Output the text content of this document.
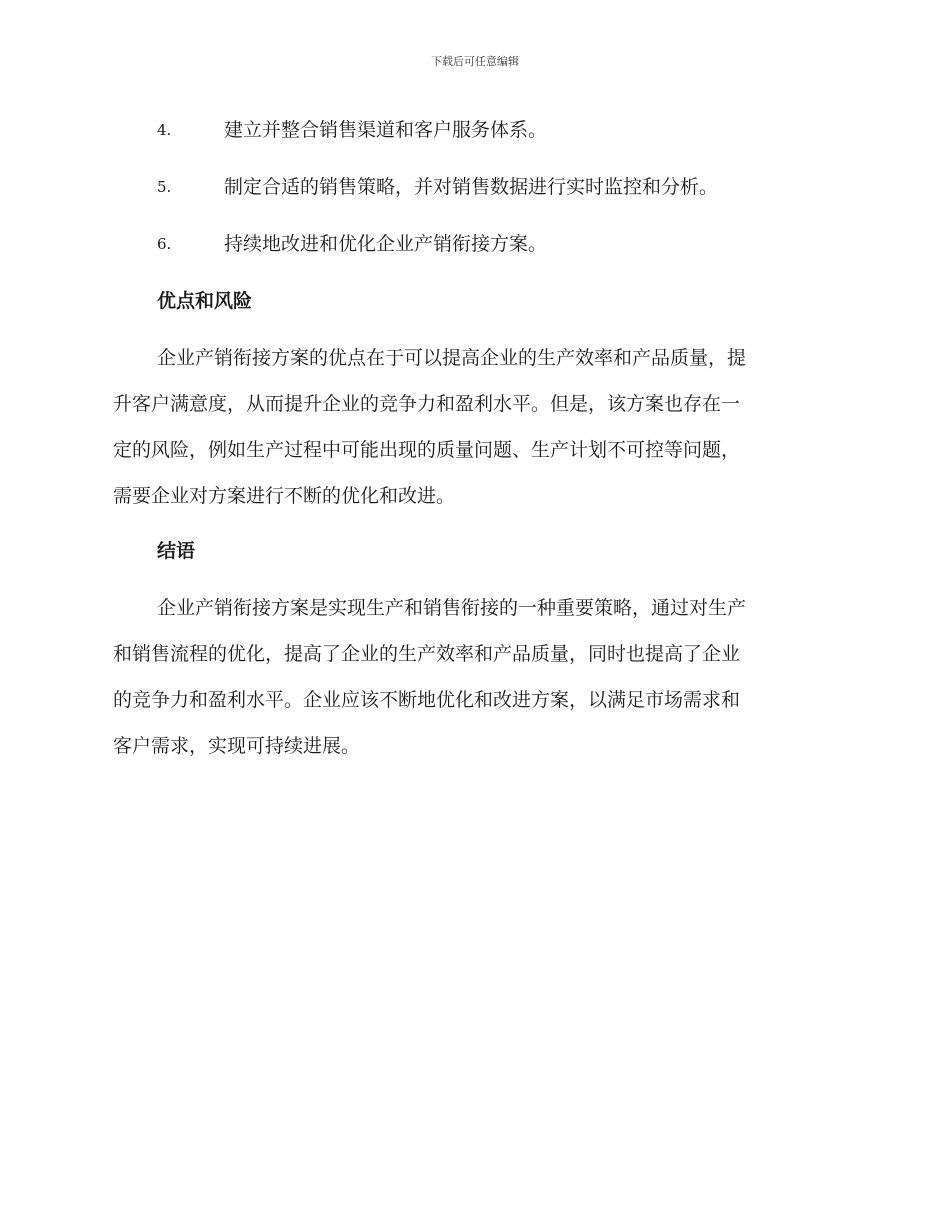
下载后可任意编辑
4.	建立并整合销售渠道和客户服务体系。
5.	制定合适的销售策略，并对销售数据进行实时监控和分析。
6.	持续地改进和优化企业产销衔接方案。
优点和风险
企业产销衔接方案的优点在于可以提高企业的生产效率和产品质量，提
升客户满意度，从而提升企业的竞争力和盈利水平。但是，该方案也存在一
定的风险，例如生产过程中可能出现的质量问题、生产计划不可控等问题，
需要企业对方案进行不断的优化和改进。
结语
企业产销衔接方案是实现生产和销售衔接的一种重要策略，通过对生产
和销售流程的优化，提高了企业的生产效率和产品质量，同时也提高了企业
的竞争力和盈利水平。企业应该不断地优化和改进方案，以满足市场需求和
客户需求，实现可持续进展。
